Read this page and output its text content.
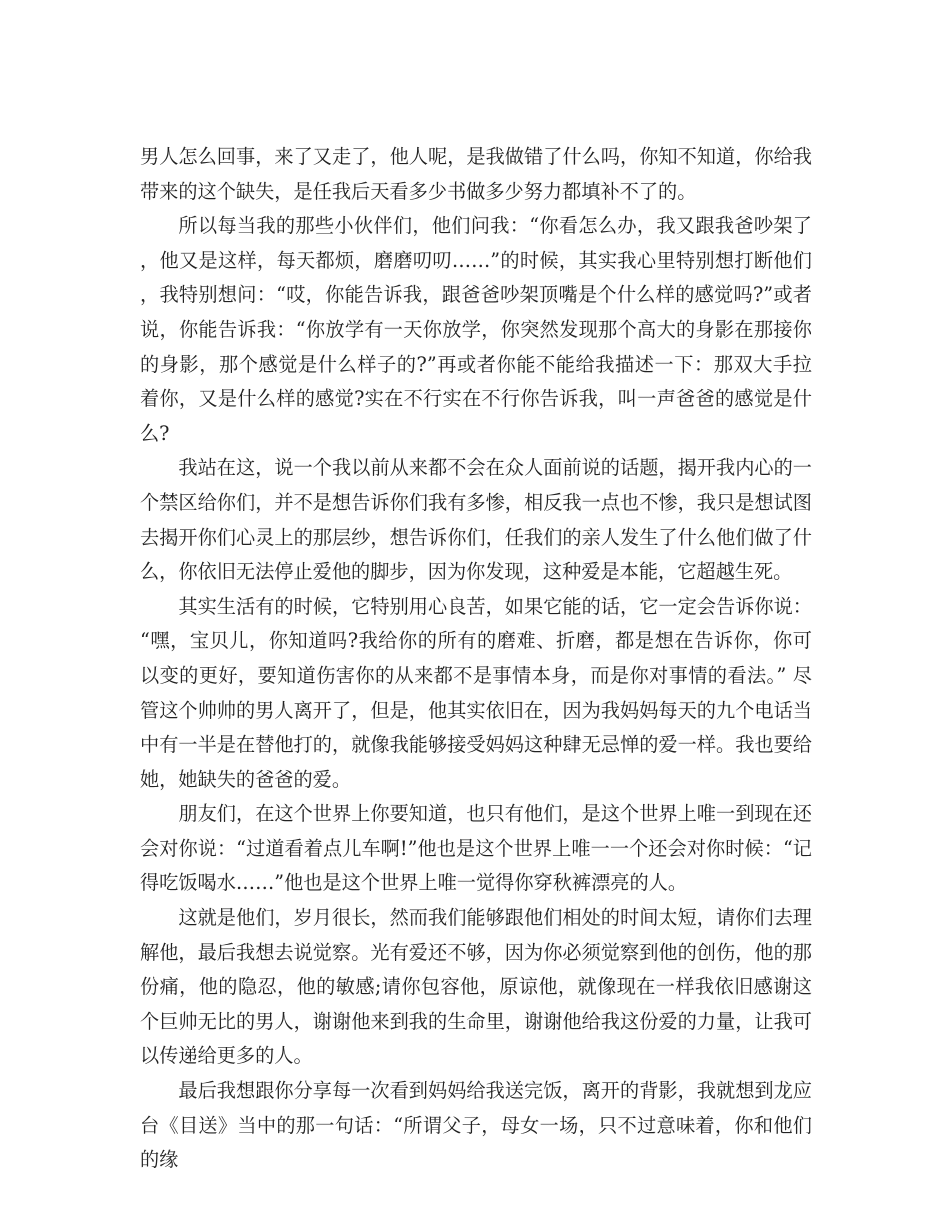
男人怎么回事，来了又走了，他人呢，是我做错了什么吗，你知不知道，你给我带来的这个缺失，是任我后天看多少书做多少努力都填补不了的。

所以每当我的那些小伙伴们，他们问我：“你看怎么办，我又跟我爸吵架了，他又是这样，每天都烦，磨磨叨叨……”的时候，其实我心里特别想打断他们，我特别想问：“哎，你能告诉我，跟爸爸吵架顶嘴是个什么样的感觉吗?”或者说，你能告诉我：“你放学有一天你放学，你突然发现那个高大的身影在那接你的身影，那个感觉是什么样子的?”再或者你能不能给我描述一下：那双大手拉着你，又是什么样的感觉?实在不行实在不行你告诉我，叫一声爸爸的感觉是什么?

我站在这，说一个我以前从来都不会在众人面前说的话题，揭开我内心的一个禁区给你们，并不是想告诉你们我有多惨，相反我一点也不惨，我只是想试图去揭开你们心灵上的那层纱，想告诉你们，任我们的亲人发生了什么他们做了什么，你依旧无法停止爱他的脚步，因为你发现，这种爱是本能，它超越生死。

其实生活有的时候，它特别用心良苦，如果它能的话，它一定会告诉你说：“嘿，宝贝儿，你知道吗?我给你的所有的磨难、折磨，都是想在告诉你，你可以变的更好，要知道伤害你的从来都不是事情本身，而是你对事情的看法。” 尽管这个帅帅的男人离开了，但是，他其实依旧在，因为我妈妈每天的九个电话当中有一半是在替他打的，就像我能够接受妈妈这种肆无忌惮的爱一样。我也要给她，她缺失的爸爸的爱。

朋友们，在这个世界上你要知道，也只有他们，是这个世界上唯一到现在还会对你说：“过道看着点儿车啊!”他也是这个世界上唯一一个还会对你时候：“记得吃饭喝水……”他也是这个世界上唯一觉得你穿秋裤漂亮的人。

这就是他们，岁月很长，然而我们能够跟他们相处的时间太短，请你们去理解他，最后我想去说觉察。光有爱还不够，因为你必须觉察到他的创伤，他的那份痛，他的隐忍，他的敏感;请你包容他，原谅他，就像现在一样我依旧感谢这个巨帅无比的男人，谢谢他来到我的生命里，谢谢他给我这份爱的力量，让我可以传递给更多的人。

最后我想跟你分享每一次看到妈妈给我送完饭，离开的背影，我就想到龙应台《目送》当中的那一句话：“所谓父子，母女一场，只不过意味着，你和他们的缘
